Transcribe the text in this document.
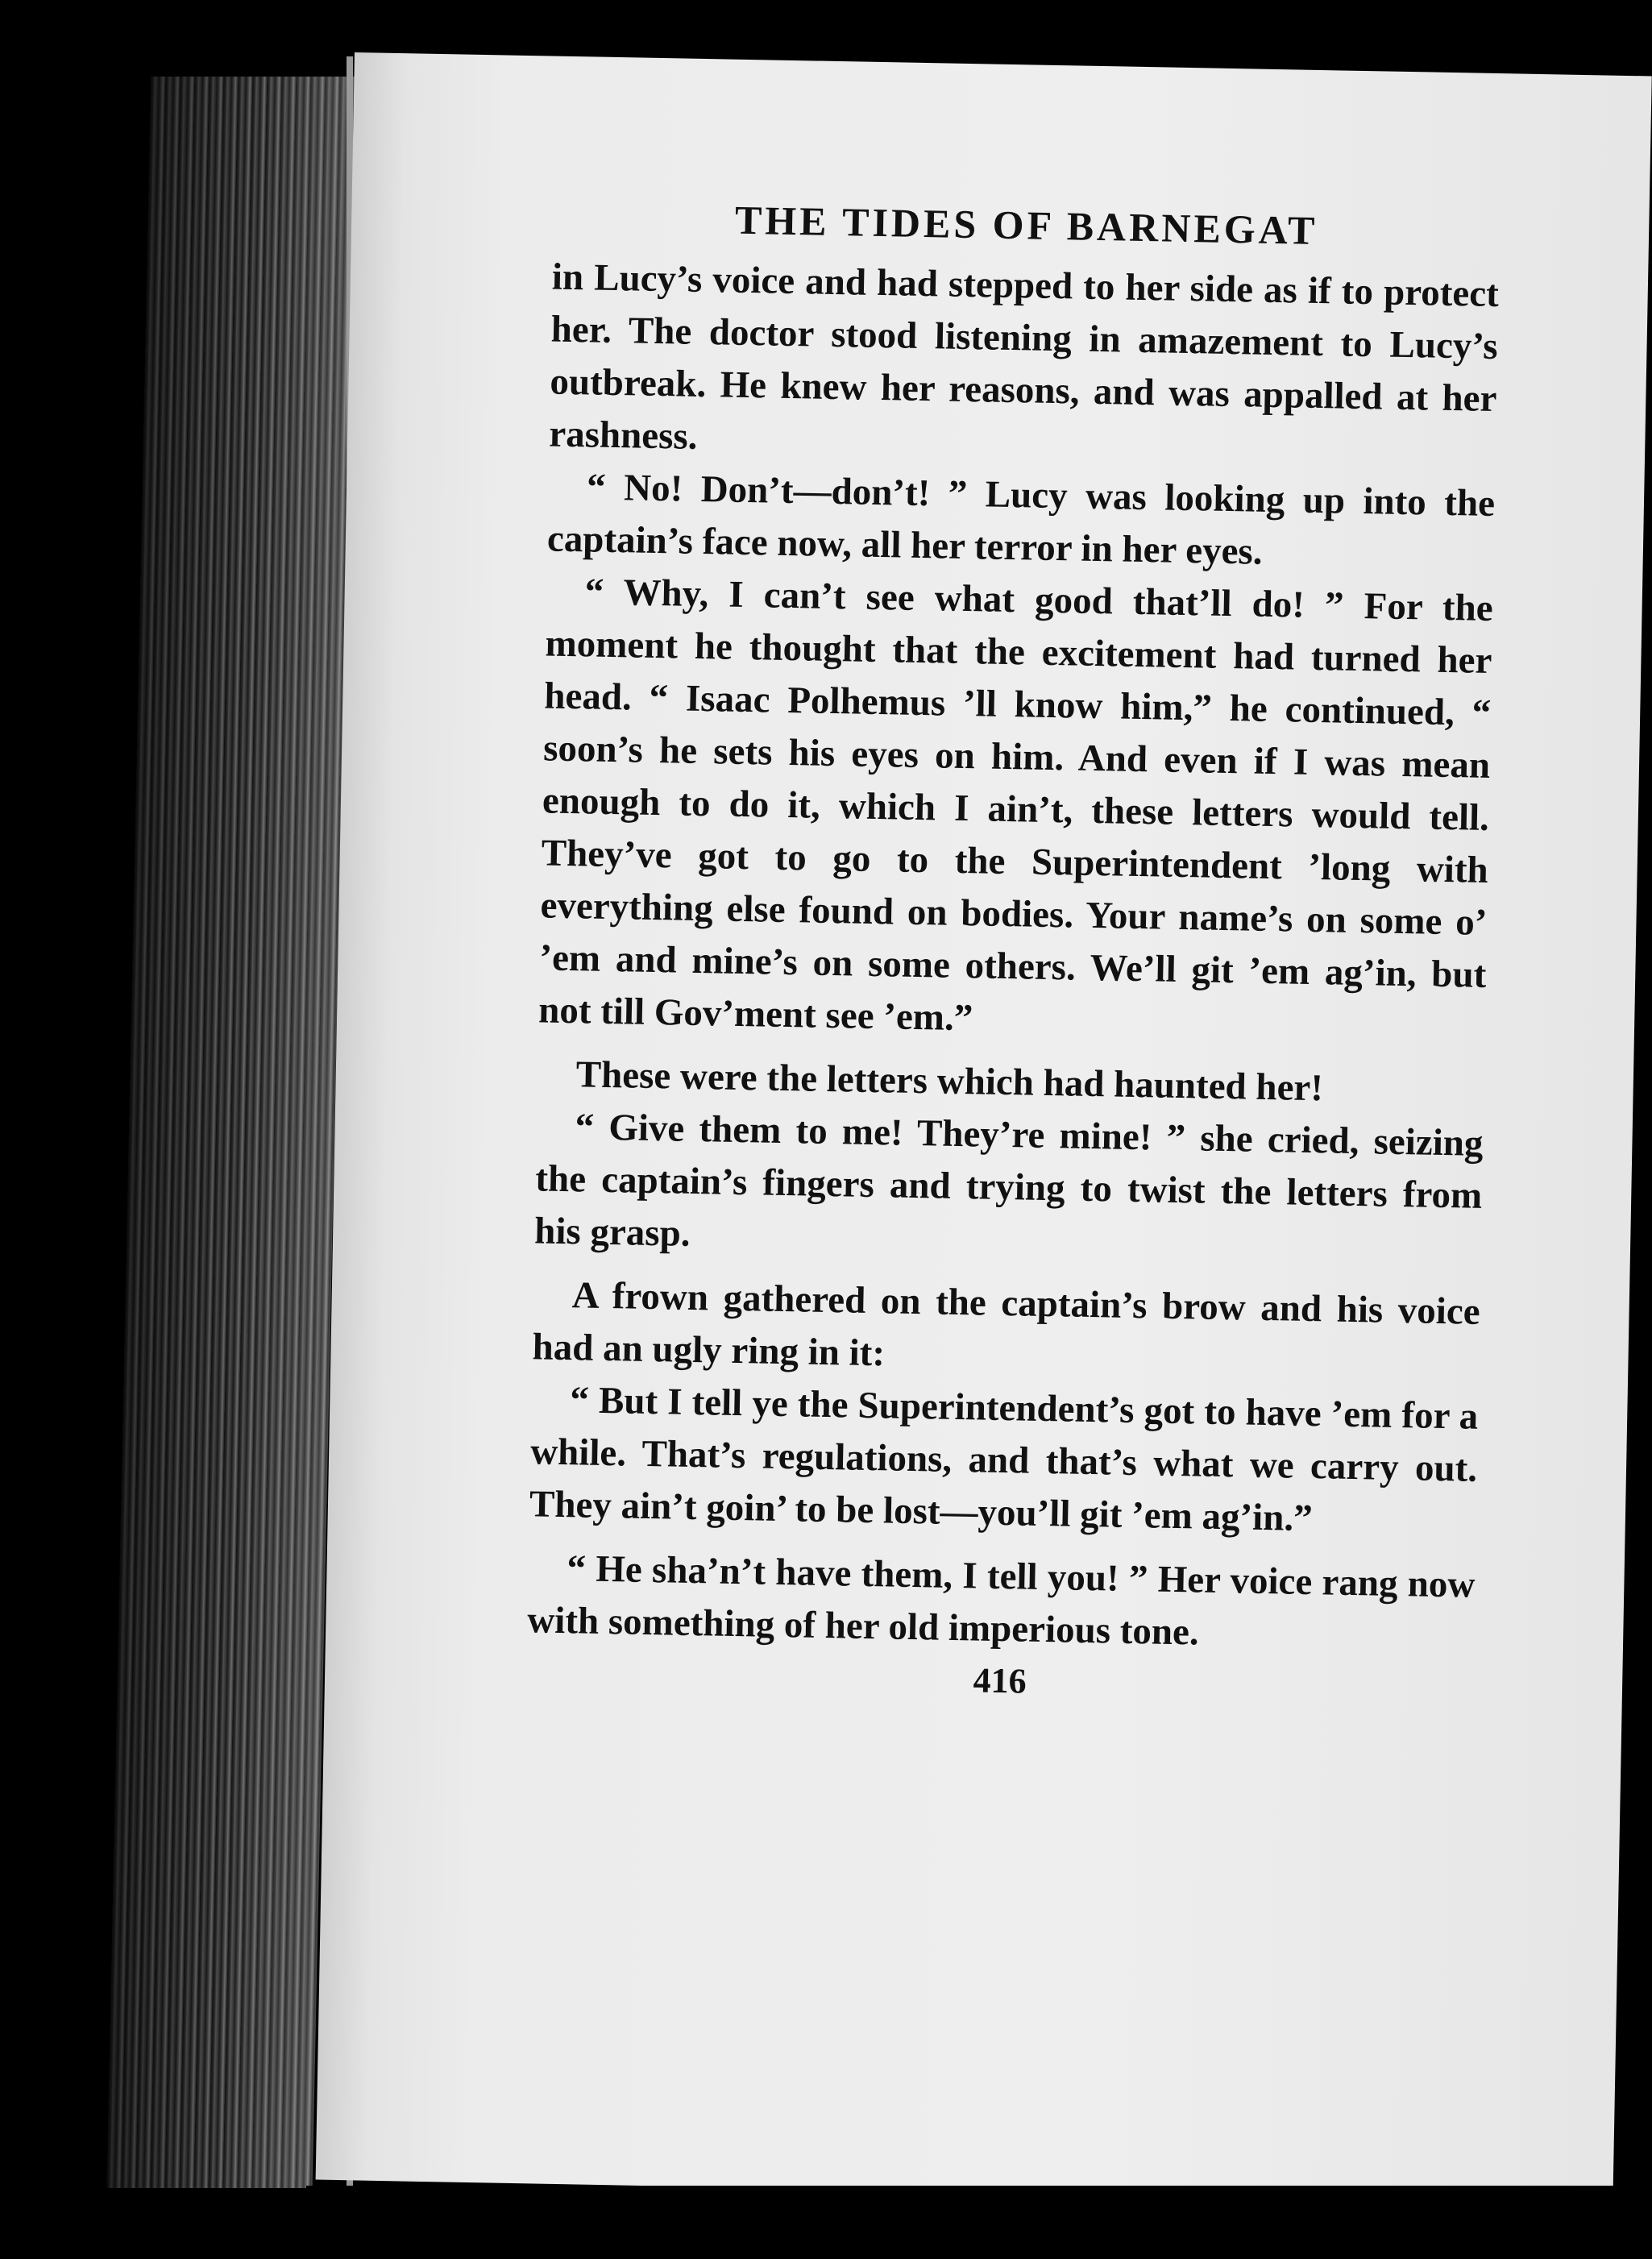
THE TIDES OF BARNEGAT

in Lucy’s voice and had stepped to her side as if to protect her. The doctor stood listening in amazement to Lucy’s outbreak. He knew her reasons, and was appalled at her rashness.

“ No! Don’t—don’t! ” Lucy was looking up into the captain’s face now, all her terror in her eyes.

“ Why, I can’t see what good that’ll do! ” For the moment he thought that the excitement had turned her head. “ Isaac Polhemus ’ll know him,” he continued, “ soon’s he sets his eyes on him. And even if I was mean enough to do it, which I ain’t, these letters would tell. They’ve got to go to the Superintendent ’long with everything else found on bodies. Your name’s on some o’ ’em and mine’s on some others. We’ll git ’em ag’in, but not till Gov’ment see ’em.”

These were the letters which had haunted her!

“ Give them to me! They’re mine! ” she cried, seizing the captain’s fingers and trying to twist the letters from his grasp.

A frown gathered on the captain’s brow and his voice had an ugly ring in it:

“ But I tell ye the Superintendent’s got to have ’em for a while. That’s regulations, and that’s what we carry out. They ain’t goin’ to be lost—you’ll git ’em ag’in.”

“ He sha’n’t have them, I tell you! ” Her voice rang now with something of her old imperious tone.

416
